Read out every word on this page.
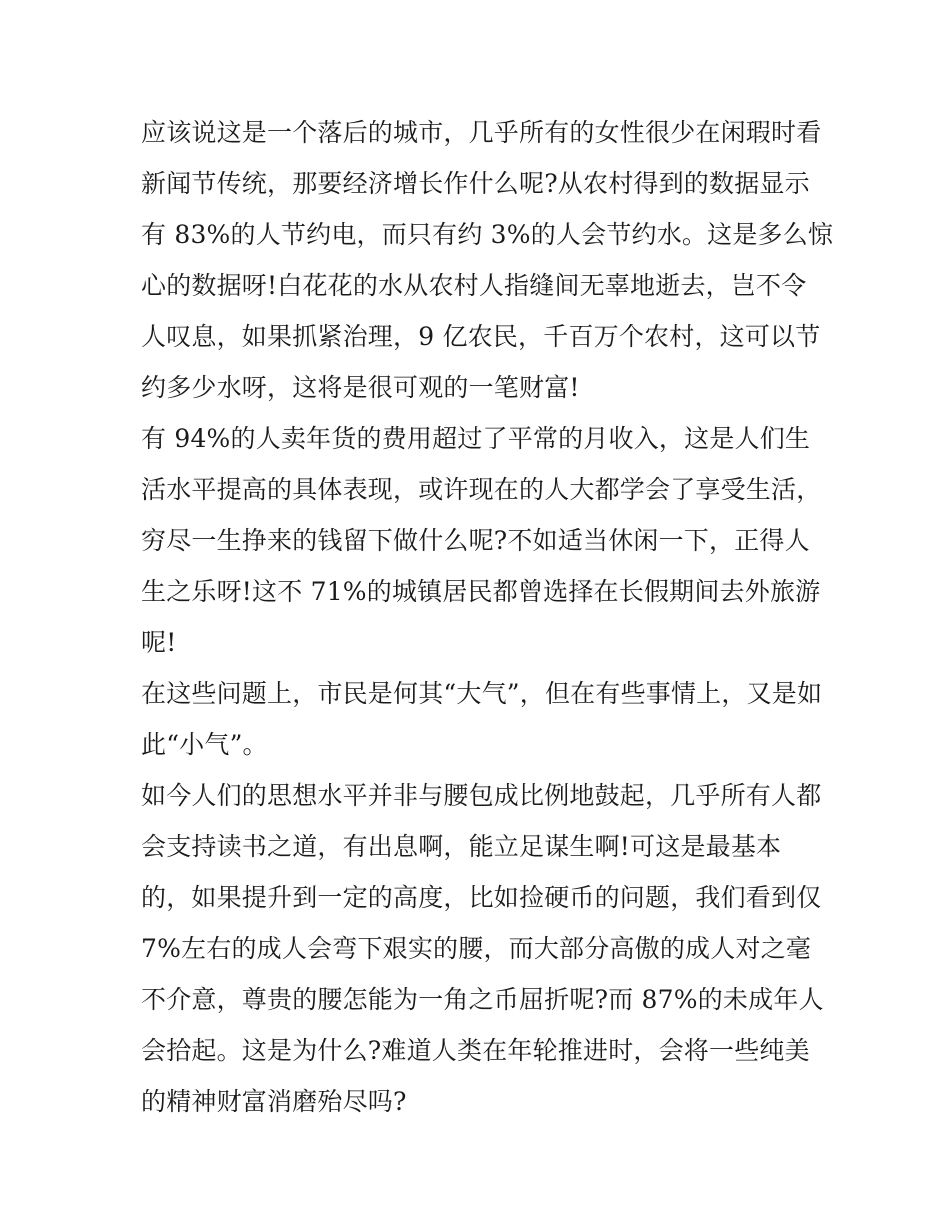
应该说这是一个落后的城市，几乎所有的女性很少在闲瑕时看
新闻节传统，那要经济增长作什么呢?从农村得到的数据显示
有 83%的人节约电，而只有约 3%的人会节约水。这是多么惊
心的数据呀!白花花的水从农村人指缝间无辜地逝去，岂不令
人叹息，如果抓紧治理，9 亿农民，千百万个农村，这可以节
约多少水呀，这将是很可观的一笔财富!
有 94%的人卖年货的费用超过了平常的月收入，这是人们生
活水平提高的具体表现，或许现在的人大都学会了享受生活，
穷尽一生挣来的钱留下做什么呢?不如适当休闲一下，正得人
生之乐呀!这不 71%的城镇居民都曾选择在长假期间去外旅游
呢!
在这些问题上，市民是何其“大气”，但在有些事情上，又是如
此“小气”。
如今人们的思想水平并非与腰包成比例地鼓起，几乎所有人都
会支持读书之道，有出息啊，能立足谋生啊!可这是最基本
的，如果提升到一定的高度，比如捡硬币的问题，我们看到仅
7%左右的成人会弯下艰实的腰，而大部分高傲的成人对之毫
不介意，尊贵的腰怎能为一角之币屈折呢?而 87%的未成年人
会拾起。这是为什么?难道人类在年轮推进时，会将一些纯美
的精神财富消磨殆尽吗?
